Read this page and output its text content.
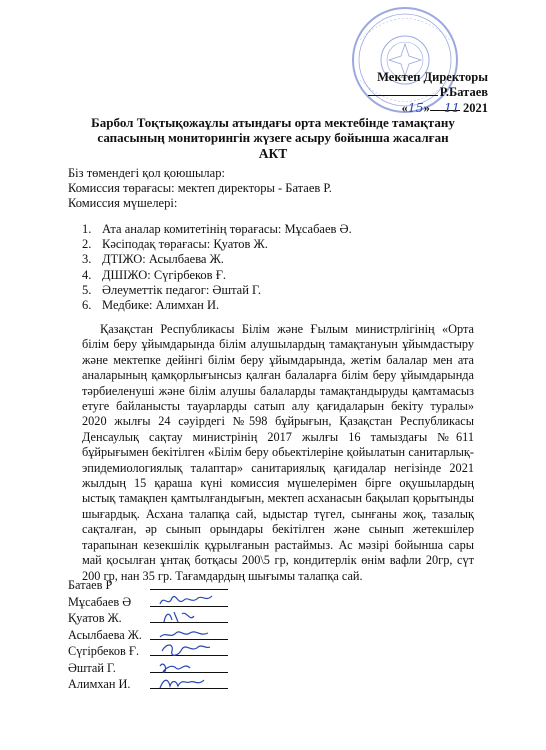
Мектеп Директоры
Р.Батаев
«15» 11 2021
Барбол Тоқтықожаұлы атындағы орта мектебінде тамақтану
сапасының мониторингін жүзеге асыру бойынша жасалған
АКТ
Біз төмендегі қол қоюшылар:
Комиссия төрағасы: мектеп директоры - Батаев Р.
Комиссия мүшелері:
1. Ата аналар комитетінің төрағасы: Мұсабаев Ә.
2. Кәсіподақ төрағасы: Қуатов Ж.
3. ДТІЖО: Асылбаева Ж.
4. ДШІЖО: Сүгірбеков Ғ.
5. Әлеуметтік педагог: Әштай Г.
6. Медбике: Алимхан И.

Қазақстан Республикасы Білім және Ғылым министрлігінің «Орта білім беру ұйымдарында білім алушылардың тамақтануын ұйымдастыру және мектепке дейінгі білім беру ұйымдарында, жетім балалар мен ата аналарының қамқорлығынсыз қалған балаларға білім беру ұйымдарында тәрбиеленуші және білім алушы балаларды тамақтандыруды қамтамасыз етуге байланысты тауарларды сатып алу қағидаларын бекіту туралы» 2020 жылғы 24 сәуірдегі №598 бұйрығын, Қазақстан Республикасы Денсаулық сақтау министрінің 2017 жылғы 16 тамыздағы №611 бұйрығымен бекітілген «Білім беру обьектілеріне қойылатын санитарлық-эпидемиологиялық талаптар» санитариялық қағидалар негізінде 2021 жылдың 15 қараша күні комиссия мүшелерімен бірге оқушылардың ыстық тамақпен қамтылғандығын, мектеп асханасын бақылап қорытынды шығардық. Асхана талапқа сай, ыдыстар түгел, сынғаны жоқ, тазалық сақталған, әр сынып орындары бекітілген және сынып жетекшілер тарапынан кезекшілік құрылғанын растаймыз. Ас мәзірі бойынша сары май қосылған ұнтақ ботқасы 200\5 гр, кондитерлік өнім вафли 20гр, сүт 200 гр, нан 35 гр. Тағамдардың шығымы талапқа сай.

Батаев Р
Мұсабаев Ә
Қуатов Ж.
Асылбаева Ж.
Сүгірбеков Ғ.
Әштай Г.
Алимхан И.
